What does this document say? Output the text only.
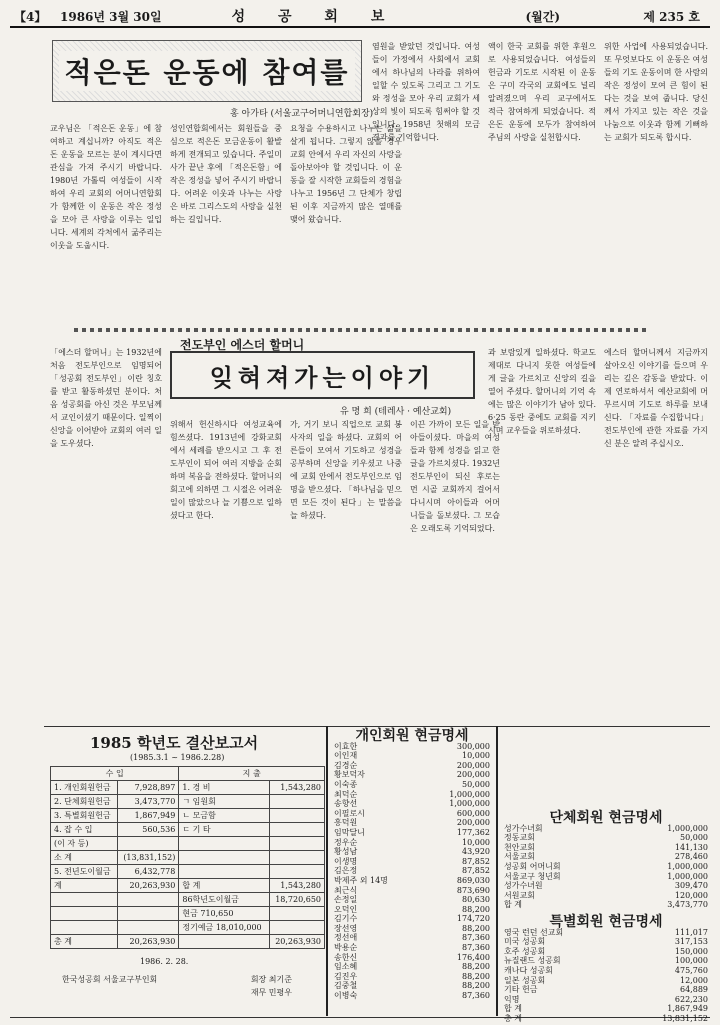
【4】	1986년 3월 30일	성 공 회 보	(월간)	제 235 호
적은돈 운동에 참여를
홍 아가타 (서울교구어머니연합회장)
교우님은 「적은돈 운동」에 참여하고 계십니까? 아직도 적은돈 운동을 모르는 분이 계시다면 관심을 가져 주시기 바랍니다. 1980년 가톨릭 여성들이 시작하여 우리 교회의 어머니연합회가 함께한 이 운동은 작은 정성을 모아 큰 사랑을 이루는 일입니다. 세계의 각처에서 굶주리는 이웃을 도웁시다.
성인연합회에서는 회원들을 중심으로 적은돈 모금운동이 활발하게 전개되고 있습니다. 주일미사가 끝난 후에 「적은돈함」에 작은 정성을 넣어 주시기 바랍니다. 어려운 이웃과 나누는 사랑은 바로 그리스도의 사랑을 실천하는 길입니다.
요청을 수용하시고 나누는 삶을 살게 됩니다. 그렇지 않을 경우 교회 안에서 우리 자신의 사랑을 돌아보아야 할 것입니다. 이 운동을 잘 시작한 교회들의 경험을 나누고 1956년 그 단체가 창립된 이후 지금까지 많은 열매를 맺어 왔습니다.
염원을 받았던 것입니다. 여성들이 가정에서 사회에서 교회에서 하나님의 나라를 위하여 일할 수 있도록 그리고 그 기도와 정성을 모아 우리 교회가 세상의 빛이 되도록 힘써야 할 것입니다. 1958년 첫해의 모금 결과를 기억합니다.
액이 한국 교회를 위한 후원으로 사용되었습니다. 여성들의 헌금과 기도로 시작된 이 운동은 구미 각국의 교회에도 널리 알려졌으며 우리 교구에서도 적극 참여하게 되었습니다. 적은돈 운동에 모두가 참여하여 주님의 사랑을 실천합시다.
위한 사업에 사용되었습니다. 또 무엇보다도 이 운동은 여성들의 기도 운동이며 한 사람의 작은 정성이 모여 큰 힘이 된다는 것을 보여 줍니다. 당신께서 가지고 있는 작은 것을 나눔으로 이웃과 함께 기뻐하는 교회가 되도록 합시다.
전도부인 에스더 할머니
잊혀져가는이야기
유 명 희 (테레사 · 예산교회)
「에스더 할머니」는 1932년에 처음 전도부인으로 임명되어 「성공회 전도부인」이란 칭호를 받고 활동하셨던 분이다. 처음 성공회를 아신 것은 부모님께서 교인이셨기 때문이다. 일찍이 신앙을 이어받아 교회의 여러 일을 도우셨다.
위해서 헌신하시다 여성교육에 힘쓰셨다. 1913년에 강화교회에서 세례를 받으시고 그 후 전도부인이 되어 여러 지방을 순회하며 복음을 전하셨다. 할머니의 회고에 의하면 그 시절은 어려운 일이 많았으나 늘 기쁨으로 일하셨다고 한다.
가, 거기 보니 직업으로 교회 봉사자의 일을 하셨다. 교회의 어른들이 모여서 기도하고 성경을 공부하며 신앙을 키우셨고 나중에 교회 안에서 전도부인으로 임명을 받으셨다. 「하나님을 믿으면 모든 것이 된다」는 말씀을 늘 하셨다.
이끈 가까이 모든 일을 받아들이셨다. 마을의 여성들과 함께 성경을 읽고 한글을 가르치셨다. 1932년 전도부인이 되신 후로는 먼 시골 교회까지 걸어서 다니시며 아이들과 어머니들을 돌보셨다. 그 모습은 오래도록 기억되었다.
과 보람있게 일하셨다. 학교도 제대로 다니지 못한 여성들에게 글을 가르치고 신앙의 길을 열어 주셨다. 할머니의 기억 속에는 많은 이야기가 남아 있다. 6·25 동란 중에도 교회를 지키시며 교우들을 위로하셨다.
에스더 할머니께서 지금까지 살아오신 이야기를 들으며 우리는 깊은 감동을 받았다. 이제 연로하셔서 예산교회에 머무르시며 기도로 하루를 보내신다. 「자료를 수집합니다」 전도부인에 관한 자료를 가지신 분은 알려 주십시오.
1985 학년도 결산보고서
(1985.3.1 ~ 1986.2.28)
수 입		지 출	
1. 개인회원헌금	7,928,897	1. 경 비	1,543,280
2. 단체회원헌금	3,473,770	ㄱ 임원회	
3. 특별회원헌금	1,867,949	ㄴ 모금함	
4. 잡 수 입	560,536	ㄷ 기 타	
(이 자 등)			
소 계	(13,831,152)		
5. 전년도이월금	6,432,778		
계	20,263,930	합 계	1,543,280
		86학년도이월금	18,720,650
		현금 710,650	
		정기예금 18,010,000	
총 계	20,263,930		20,263,930
1986. 2. 28.
한국성공회 서울교구부인회	회장 최기준
재무 민평우
개인회원 현금명세
이효한	300,000
이인재	10,000
김경순	200,000
황보덕자	200,000
이숙종	50,000
최덕순	1,000,000
송향선	1,000,000
이필로시	600,000
흥덕원	200,000
임막달니	177,362
정우순	10,000
황성남	43,920
이생명	87,852
김은정	87,852
박제주 외 14명	869,030
최근식	873,690
손정일	80,630
오덕인	88,200
김기수	174,720
장선영	88,200
정선애	87,360
박용순	87,360
송한신	176,400
임소혜	88,200
김진우	88,200
김중철	88,200
이병숙	87,360
단체회원 현금명세
성가수녀회	1,000,000
정동교회	50,000
천안교회	141,130
서울교회	278,460
성공회 어머니회	1,000,000
서울교구 청년회	1,000,000
성가수녀원	309,470
서원교회	120,000
합 계	3,473,770
특별회원 현금명세
영국 런던 선교회	111,017
미국 성공회	317,153
호주 성공회	150,000
뉴질랜드 성공회	100,000
캐나다 성공회	475,760
일본 성공회	12,000
기타 헌금	64,889
익명	622,230
합 계	1,867,949
총 계	13,831,152
